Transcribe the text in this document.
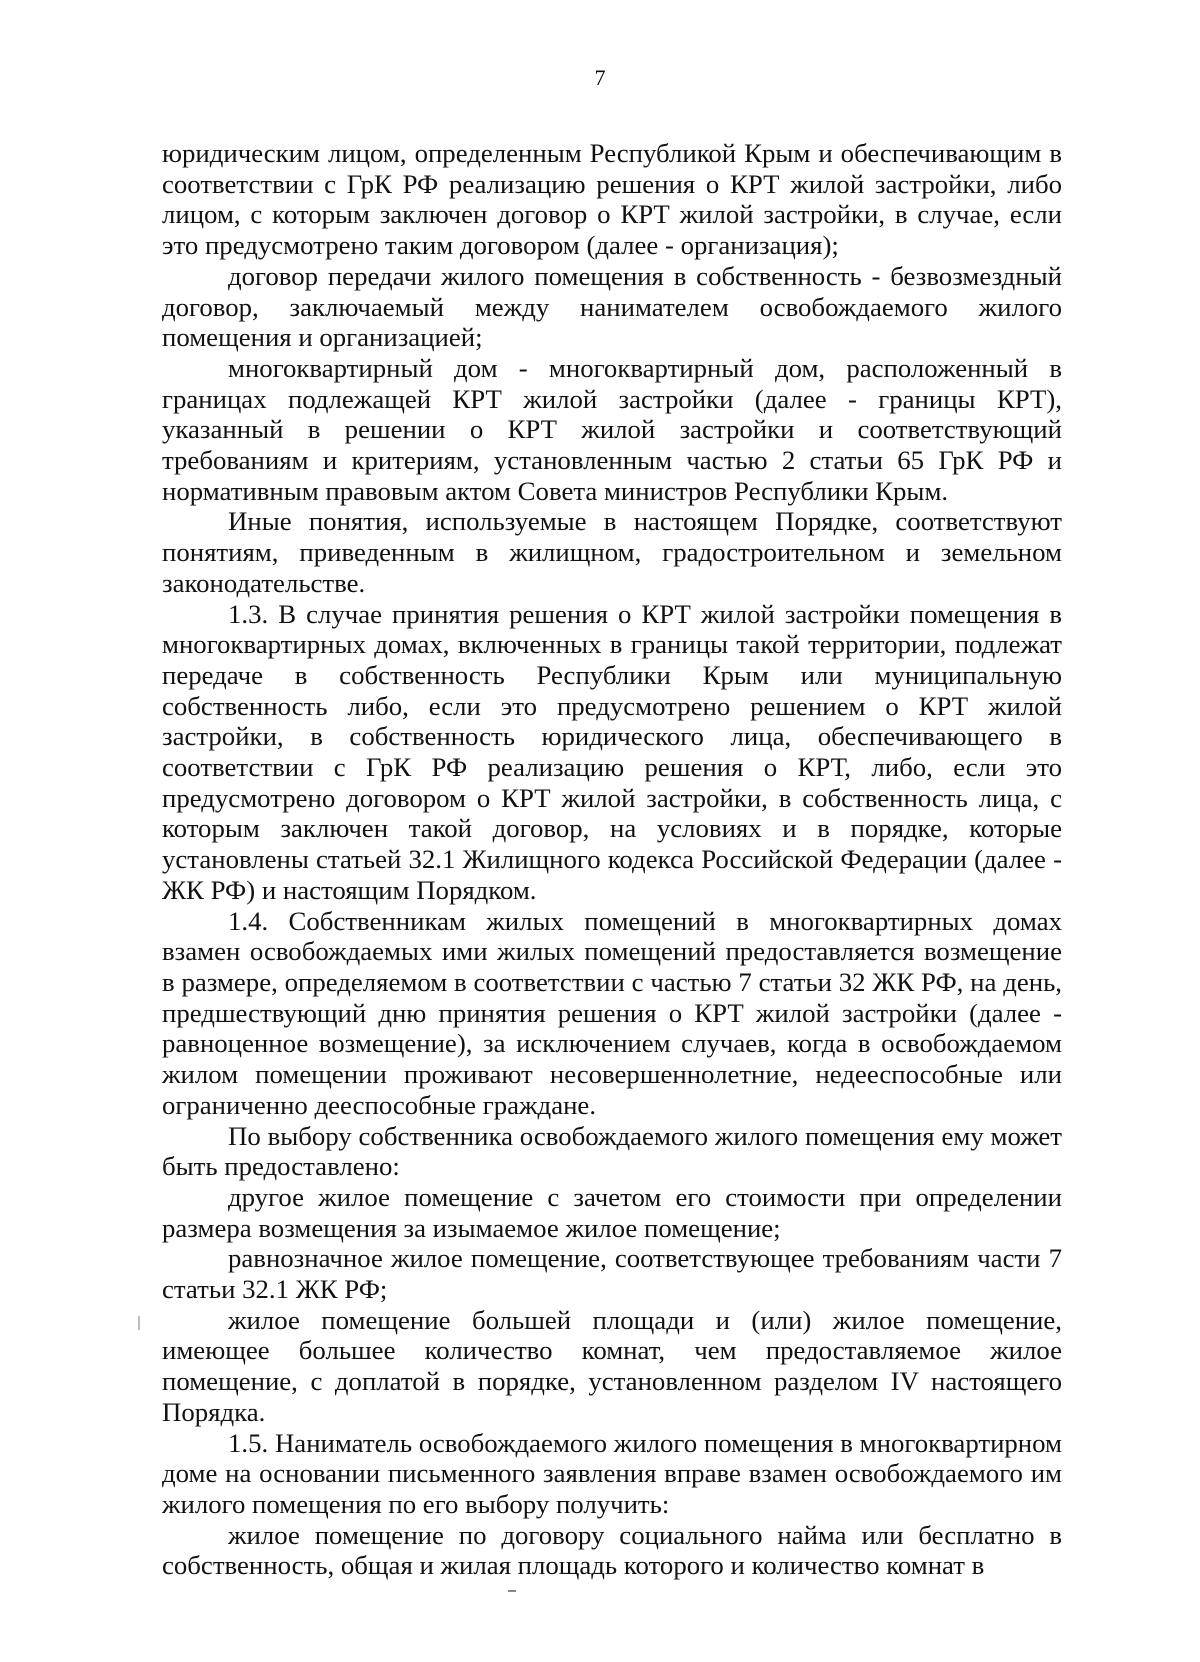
7

юридическим лицом, определенным Республикой Крым и обеспечивающим в соответствии с ГрК РФ реализацию решения о КРТ жилой застройки, либо лицом, с которым заключен договор о КРТ жилой застройки, в случае, если это предусмотрено таким договором (далее - организация);

договор передачи жилого помещения в собственность - безвозмездный договор, заключаемый между нанимателем освобождаемого жилого помещения и организацией;

многоквартирный дом - многоквартирный дом, расположенный в границах подлежащей КРТ жилой застройки (далее - границы КРТ), указанный в решении о КРТ жилой застройки и соответствующий требованиям и критериям, установленным частью 2 статьи 65 ГрК РФ и нормативным правовым актом Совета министров Республики Крым.

Иные понятия, используемые в настоящем Порядке, соответствуют понятиям, приведенным в жилищном, градостроительном и земельном законодательстве.

1.3. В случае принятия решения о КРТ жилой застройки помещения в многоквартирных домах, включенных в границы такой территории, подлежат передаче в собственность Республики Крым или муниципальную собственность либо, если это предусмотрено решением о КРТ жилой застройки, в собственность юридического лица, обеспечивающего в соответствии с ГрК РФ реализацию решения о КРТ, либо, если это предусмотрено договором о КРТ жилой застройки, в собственность лица, с которым заключен такой договор, на условиях и в порядке, которые установлены статьей 32.1 Жилищного кодекса Российской Федерации (далее - ЖК РФ) и настоящим Порядком.

1.4. Собственникам жилых помещений в многоквартирных домах взамен освобождаемых ими жилых помещений предоставляется возмещение в размере, определяемом в соответствии с частью 7 статьи 32 ЖК РФ, на день, предшествующий дню принятия решения о КРТ жилой застройки (далее - равноценное возмещение), за исключением случаев, когда в освобождаемом жилом помещении проживают несовершеннолетние, недееспособные или ограниченно дееспособные граждане.

По выбору собственника освобождаемого жилого помещения ему может быть предоставлено:

другое жилое помещение с зачетом его стоимости при определении размера возмещения за изымаемое жилое помещение;

равнозначное жилое помещение, соответствующее требованиям части 7 статьи 32.1 ЖК РФ;

жилое помещение большей площади и (или) жилое помещение, имеющее большее количество комнат, чем предоставляемое жилое помещение, с доплатой в порядке, установленном разделом IV настоящего Порядка.

1.5. Наниматель освобождаемого жилого помещения в многоквартирном доме на основании письменного заявления вправе взамен освобождаемого им жилого помещения по его выбору получить:

жилое помещение по договору социального найма или бесплатно в собственность, общая и жилая площадь которого и количество комнат в
